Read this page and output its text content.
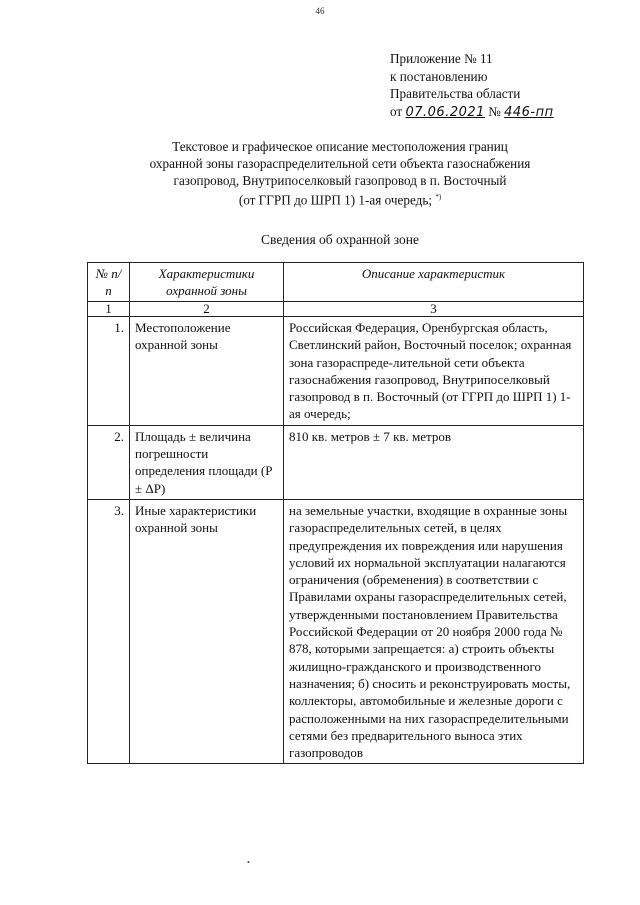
46
Приложение № 11
к постановлению
Правительства области
от 07.06.2021 № 446-пп
Текстовое и графическое описание местоположения границ
охранной зоны газораспределительной сети объекта газоснабжения
газопровод, Внутрипоселковый газопровод в п. Восточный
(от ГГРП до ШРП 1) 1-ая очередь; *)
Сведения об охранной зоне
№ п/п	Характеристики охранной зоны	Описание характеристик
1	2	3
1.	Местоположение охранной зоны	Российская Федерация, Оренбургская область, Светлинский район, Восточный поселок; охранная зона газораспреде-лительной сети объекта газоснабжения газопровод, Внутрипоселковый газопровод в п. Восточный (от ГГРП до ШРП 1) 1-ая очередь;
2.	Площадь ± величина погрешности определения площади (P ± ΔP)	810 кв. метров ± 7 кв. метров
3.	Иные характеристики охранной зоны	на земельные участки, входящие в охранные зоны газораспределительных сетей, в целях предупреждения их повреждения или нарушения условий их нормальной эксплуатации налагаются ограничения (обременения) в соответствии с Правилами охраны газораспределительных сетей, утвержденными постановлением Правительства Российской Федерации от 20 ноября 2000 года № 878, которыми запрещается: а) строить объекты жилищно-гражданского и производственного назначения; б) сносить и реконструировать мосты, коллекторы, автомобильные и железные дороги с расположенными на них газораспределительными сетями без предварительного выноса этих газопроводов
•
